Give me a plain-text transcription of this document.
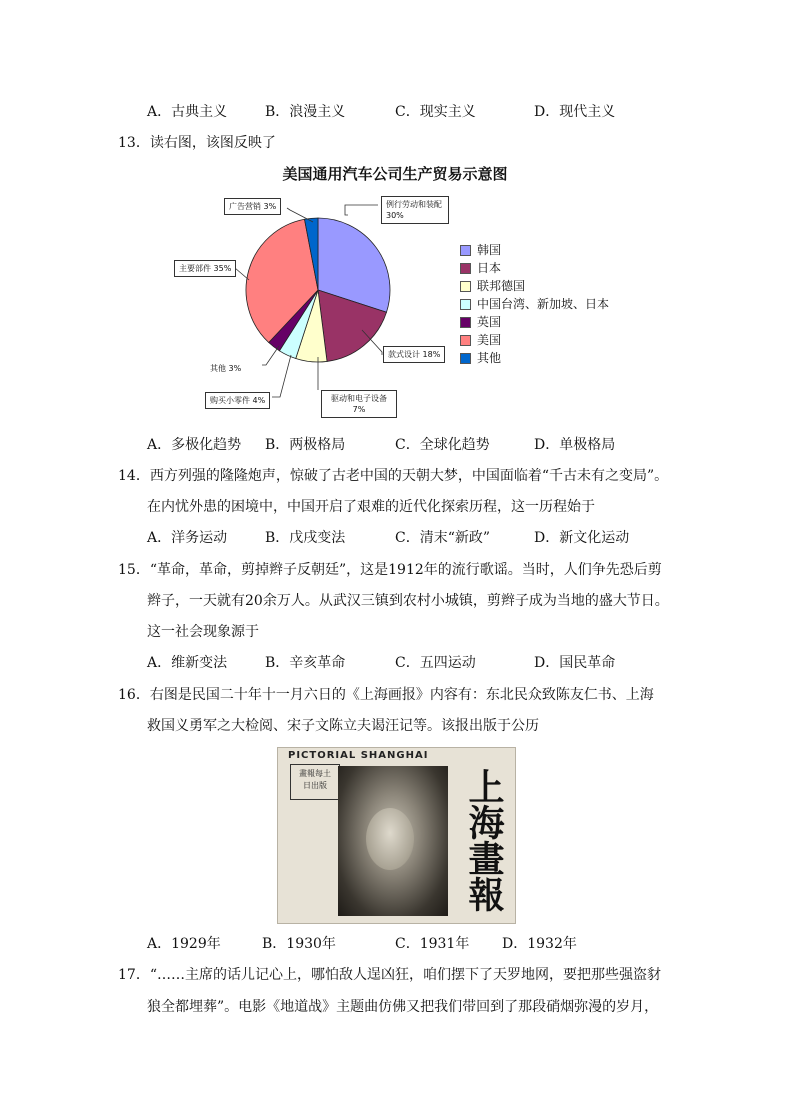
A．古典主义	B．浪漫主义	C．现实主义	D．现代主义
13．读右图，该图反映了
美国通用汽车公司生产贸易示意图
广告营销 3%	例行劳动和装配 30%
主要部件 35%
款式设计 18%
其他 3%
购买小零件 4%	驱动和电子设备 7%
韩国
日本
联邦德国
中国台湾、新加坡、日本
英国
美国
其他
A．多极化趋势 B．两极格局	C．全球化趋势	D．单极格局
14．西方列强的隆隆炮声，惊破了古老中国的天朝大梦，中国面临着“千古未有之变局”。
在内忧外患的困境中，中国开启了艰难的近代化探索历程，这一历程始于
A．洋务运动	B．戊戌变法	C．清末“新政”	D．新文化运动
15．“革命，革命，剪掉辫子反朝廷”，这是1912年的流行歌谣。当时，人们争先恐后剪
辫子，一天就有20余万人。从武汉三镇到农村小城镇，剪辫子成为当地的盛大节日。
这一社会现象源于
A．维新变法	B．辛亥革命	C．五四运动	D．国民革命
16．右图是民国二十年十一月六日的《上海画报》内容有：东北民众致陈友仁书、上海
救国义勇军之大检阅、宋子文陈立夫谒汪记等。该报出版于公历
PICTORIAL SHANGHAI
畫報每土
日出版	上海畫報
A．1929年	B．1930年	C．1931年 D．1932年
17．“……主席的话儿记心上，哪怕敌人逞凶狂，咱们摆下了天罗地网，要把那些强盗豺
狼全都埋葬”。电影《地道战》主题曲仿佛又把我们带回到了那段硝烟弥漫的岁月，
